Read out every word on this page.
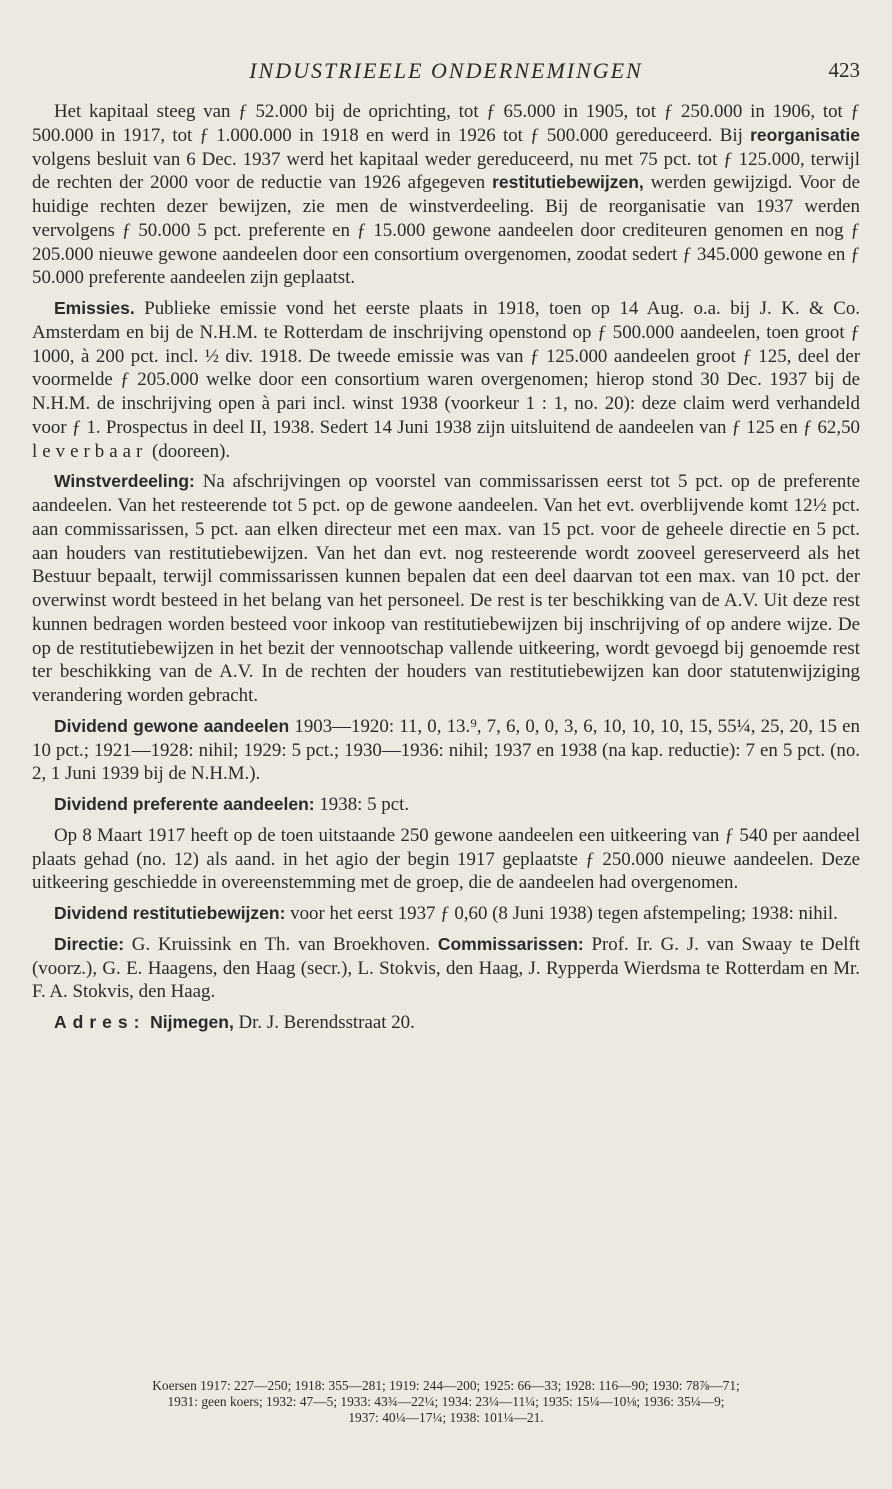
INDUSTRIEELE ONDERNEMINGEN	423

Het kapitaal steeg van ƒ 52.000 bij de oprichting, tot ƒ 65.000 in 1905, tot ƒ 250.000 in 1906, tot ƒ 500.000 in 1917, tot ƒ 1.000.000 in 1918 en werd in 1926 tot ƒ 500.000 gereduceerd. Bij reorganisatie volgens besluit van 6 Dec. 1937 werd het kapitaal weder gereduceerd, nu met 75 pct. tot ƒ 125.000, terwijl de rechten der 2000 voor de reductie van 1926 afgegeven restitutiebewijzen, werden gewijzigd. Voor de huidige rechten dezer bewijzen, zie men de winstverdeeling. Bij de reorganisatie van 1937 werden vervolgens ƒ 50.000 5 pct. preferente en ƒ 15.000 gewone aandeelen door crediteuren genomen en nog ƒ 205.000 nieuwe gewone aandeelen door een consortium overgenomen, zoodat sedert ƒ 345.000 gewone en ƒ 50.000 preferente aandeelen zijn geplaatst.

Emissies. Publieke emissie vond het eerste plaats in 1918, toen op 14 Aug. o.a. bij J. K. & Co. Amsterdam en bij de N.H.M. te Rotterdam de inschrijving openstond op ƒ 500.000 aandeelen, toen groot ƒ 1000, à 200 pct. incl. ½ div. 1918. De tweede emissie was van ƒ 125.000 aandeelen groot ƒ 125, deel der voormelde ƒ 205.000 welke door een consortium waren overgenomen; hierop stond 30 Dec. 1937 bij de N.H.M. de inschrijving open à pari incl. winst 1938 (voorkeur 1 : 1, no. 20): deze claim werd verhandeld voor ƒ 1. Prospectus in deel II, 1938. Sedert 14 Juni 1938 zijn uitsluitend de aandeelen van ƒ 125 en ƒ 62,50 leverbaar (dooreen).

Winstverdeeling: Na afschrijvingen op voorstel van commissarissen eerst tot 5 pct. op de preferente aandeelen. Van het resteerende tot 5 pct. op de gewone aandeelen. Van het evt. overblijvende komt 12½ pct. aan commissarissen, 5 pct. aan elken directeur met een max. van 15 pct. voor de geheele directie en 5 pct. aan houders van restitutiebewijzen. Van het dan evt. nog resteerende wordt zooveel gereserveerd als het Bestuur bepaalt, terwijl commissarissen kunnen bepalen dat een deel daarvan tot een max. van 10 pct. der overwinst wordt besteed in het belang van het personeel. De rest is ter beschikking van de A.V. Uit deze rest kunnen bedragen worden besteed voor inkoop van restitutiebewijzen bij inschrijving of op andere wijze. De op de restitutiebewijzen in het bezit der vennootschap vallende uitkeering, wordt gevoegd bij genoemde rest ter beschikking van de A.V. In de rechten der houders van restitutiebewijzen kan door statutenwijziging verandering worden gebracht.

Dividend gewone aandeelen 1903—1920: 11, 0, 13.⁹, 7, 6, 0, 0, 3, 6, 10, 10, 10, 15, 55¼, 25, 20, 15 en 10 pct.; 1921—1928: nihil; 1929: 5 pct.; 1930—1936: nihil; 1937 en 1938 (na kap. reductie): 7 en 5 pct. (no. 2, 1 Juni 1939 bij de N.H.M.).

Dividend preferente aandeelen: 1938: 5 pct.

Op 8 Maart 1917 heeft op de toen uitstaande 250 gewone aandeelen een uitkeering van ƒ 540 per aandeel plaats gehad (no. 12) als aand. in het agio der begin 1917 geplaatste ƒ 250.000 nieuwe aandeelen. Deze uitkeering geschiedde in overeenstemming met de groep, die de aandeelen had overgenomen.

Dividend restitutiebewijzen: voor het eerst 1937 ƒ 0,60 (8 Juni 1938) tegen afstempeling; 1938: nihil.

Directie: G. Kruissink en Th. van Broekhoven. Commissarissen: Prof. Ir. G. J. van Swaay te Delft (voorz.), G. E. Haagens, den Haag (secr.), L. Stokvis, den Haag, J. Rypperda Wierdsma te Rotterdam en Mr. F. A. Stokvis, den Haag.

Adres: Nijmegen, Dr. J. Berendsstraat 20.

Koersen 1917: 227—250; 1918: 355—281; 1919: 244—200; 1925: 66—33; 1928: 116—90; 1930: 78⅞—71;
1931: geen koers; 1932: 47—5; 1933: 43¾—22¼; 1934: 23¼—11¼; 1935: 15¼—10⅛; 1936: 35¼—9;
1937: 40¼—17¼; 1938: 101¼—21.
